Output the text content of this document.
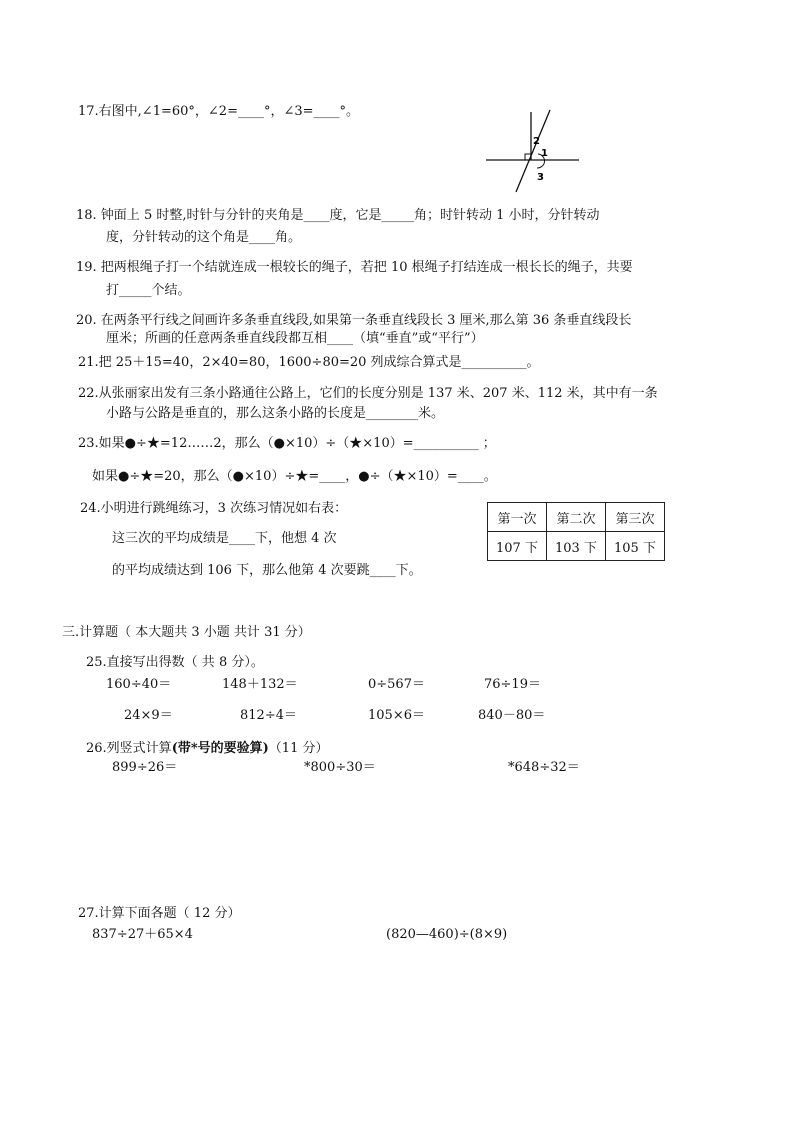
17.右图中,∠1=60°，∠2=____°，∠3=____°。
2
1
3
18. 钟面上 5 时整,时针与分针的夹角是____度，它是_____角；时针转动 1 小时，分针转动
度，分针转动的这个角是____角。
19. 把两根绳子打一个结就连成一根较长的绳子，若把 10 根绳子打结连成一根长长的绳子，共要
打_____个结。
20. 在两条平行线之间画许多条垂直线段,如果第一条垂直线段长 3 厘米,那么第 36 条垂直线段长
厘米；所画的任意两条垂直线段都互相____（填“垂直”或“平行”）
21.把 25＋15=40，2×40=80，1600÷80=20 列成综合算式是__________。
22.从张丽家出发有三条小路通往公路上，它们的长度分别是 137 米、207 米、112 米，其中有一条
小路与公路是垂直的，那么这条小路的长度是________米。
23.如果●÷★=12……2，那么（●×10）÷（★×10）=__________ ；
如果●÷★=20，那么（●×10）÷★=____，●÷（★×10）=____。
24.小明进行跳绳练习，3 次练习情况如右表：
这三次的平均成绩是____下，他想 4 次
的平均成绩达到 106 下，那么他第 4 次要跳____下。
第一次	第二次	第三次
107 下	103 下	105 下
三.计算题（ 本大题共 3 小题 共计 31 分）
25.直接写出得数（ 共 8 分）。
160÷40＝	148＋132＝	0÷567＝	76÷19＝
24×9＝	812÷4＝	105×6＝	840－80＝
26.列竖式计算(带*号的要验算)（11 分）
899÷26＝	*800÷30＝	*648÷32＝
27.计算下面各题（ 12 分）
837÷27＋65×4	(820—460)÷(8×9)
